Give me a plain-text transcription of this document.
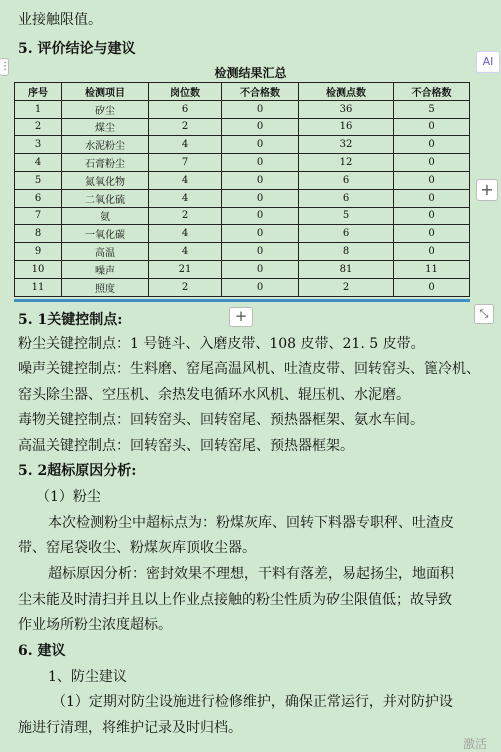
业接触限值。
5. 评价结论与建议
检测结果汇总
序号	检测项目	岗位数	不合格数	检测点数	不合格数
1	矽尘	6	0	36	5
2	煤尘	2	0	16	0
3	水泥粉尘	4	0	32	0
4	石膏粉尘	7	0	12	0
5	氮氧化物	4	0	6	0
6	二氧化硫	4	0	6	0
7	氨	2	0	5	0
8	一氧化碳	4	0	6	0
9	高温	4	0	8	0
10	噪声	21	0	81	11
11	照度	2	0	2	0
5. 1关键控制点:
粉尘关键控制点：1 号链斗、入磨皮带、108 皮带、21. 5 皮带。
噪声关键控制点：生料磨、窑尾高温风机、吐渣皮带、回转窑头、篦冷机、
窑头除尘器、空压机、余热发电循环水风机、辊压机、水泥磨。
毒物关键控制点：回转窑头、回转窑尾、预热器框架、氨水车间。
高温关键控制点：回转窑头、回转窑尾、预热器框架。
5. 2超标原因分析:
（1）粉尘
本次检测粉尘中超标点为：粉煤灰库、回转下料器专职秤、吐渣皮
带、窑尾袋收尘、粉煤灰库顶收尘器。
超标原因分析：密封效果不理想，干料有落差，易起扬尘，地面积
尘未能及时清扫并且以上作业点接触的粉尘性质为矽尘限值低；故导致
作业场所粉尘浓度超标。
6. 建议
1、防尘建议
（1）定期对防尘设施进行检修维护，确保正常运行，并对防护设
施进行清理，将维护记录及时归档。
⋮	AI
+
+	⤡
激活
